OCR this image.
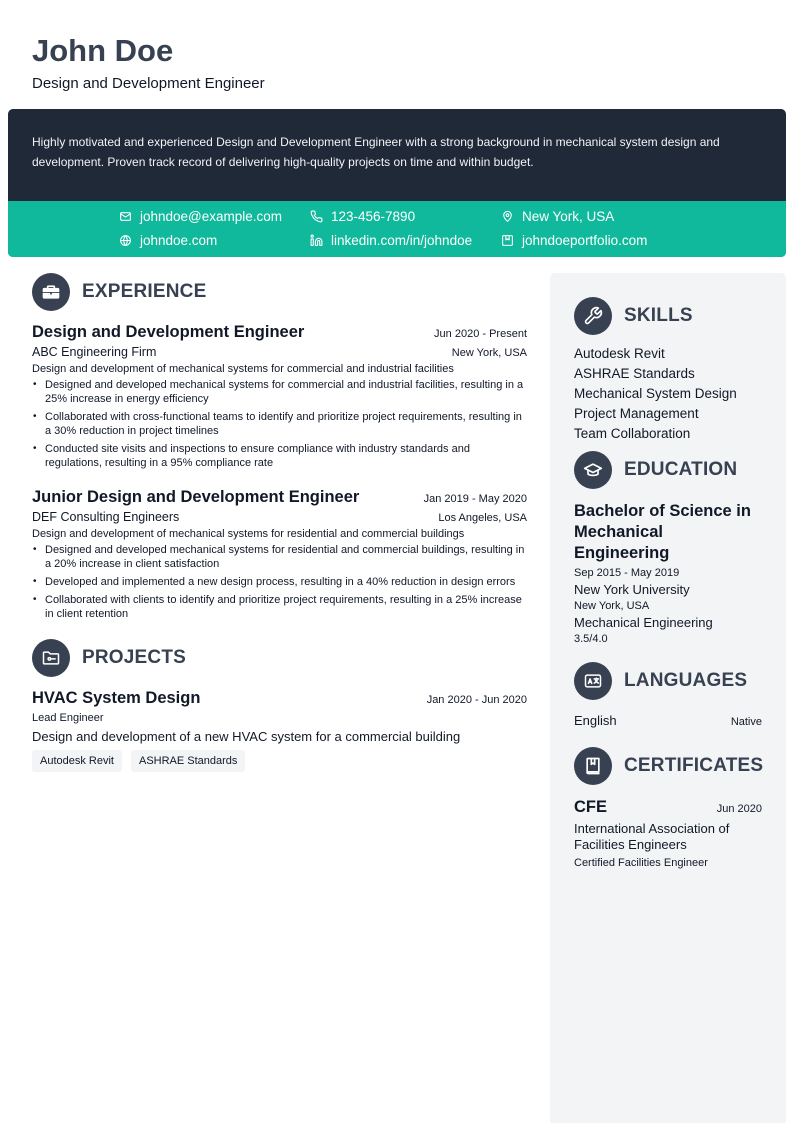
John Doe
Design and Development Engineer
Highly motivated and experienced Design and Development Engineer with a strong background in mechanical system design and development. Proven track record of delivering high-quality projects on time and within budget.
johndoe@example.com	123-456-7890	New York, USA
johndoe.com	linkedin.com/in/johndoe	johndoeportfolio.com
EXPERIENCE
Design and Development Engineer	Jun 2020 - Present
ABC Engineering Firm	New York, USA
Design and development of mechanical systems for commercial and industrial facilities
• Designed and developed mechanical systems for commercial and industrial facilities, resulting in a 25% increase in energy efficiency
• Collaborated with cross-functional teams to identify and prioritize project requirements, resulting in a 30% reduction in project timelines
• Conducted site visits and inspections to ensure compliance with industry standards and regulations, resulting in a 95% compliance rate
Junior Design and Development Engineer	Jan 2019 - May 2020
DEF Consulting Engineers	Los Angeles, USA
Design and development of mechanical systems for residential and commercial buildings
• Designed and developed mechanical systems for residential and commercial buildings, resulting in a 20% increase in client satisfaction
• Developed and implemented a new design process, resulting in a 40% reduction in design errors
• Collaborated with clients to identify and prioritize project requirements, resulting in a 25% increase in client retention
PROJECTS
HVAC System Design	Jan 2020 - Jun 2020
Lead Engineer
Design and development of a new HVAC system for a commercial building
Autodesk Revit	ASHRAE Standards
SKILLS
Autodesk Revit
ASHRAE Standards
Mechanical System Design
Project Management
Team Collaboration
EDUCATION
Bachelor of Science in Mechanical Engineering
Sep 2015 - May 2019
New York University
New York, USA
Mechanical Engineering
3.5/4.0
LANGUAGES
English	Native
CERTIFICATES
CFE	Jun 2020
International Association of Facilities Engineers
Certified Facilities Engineer
